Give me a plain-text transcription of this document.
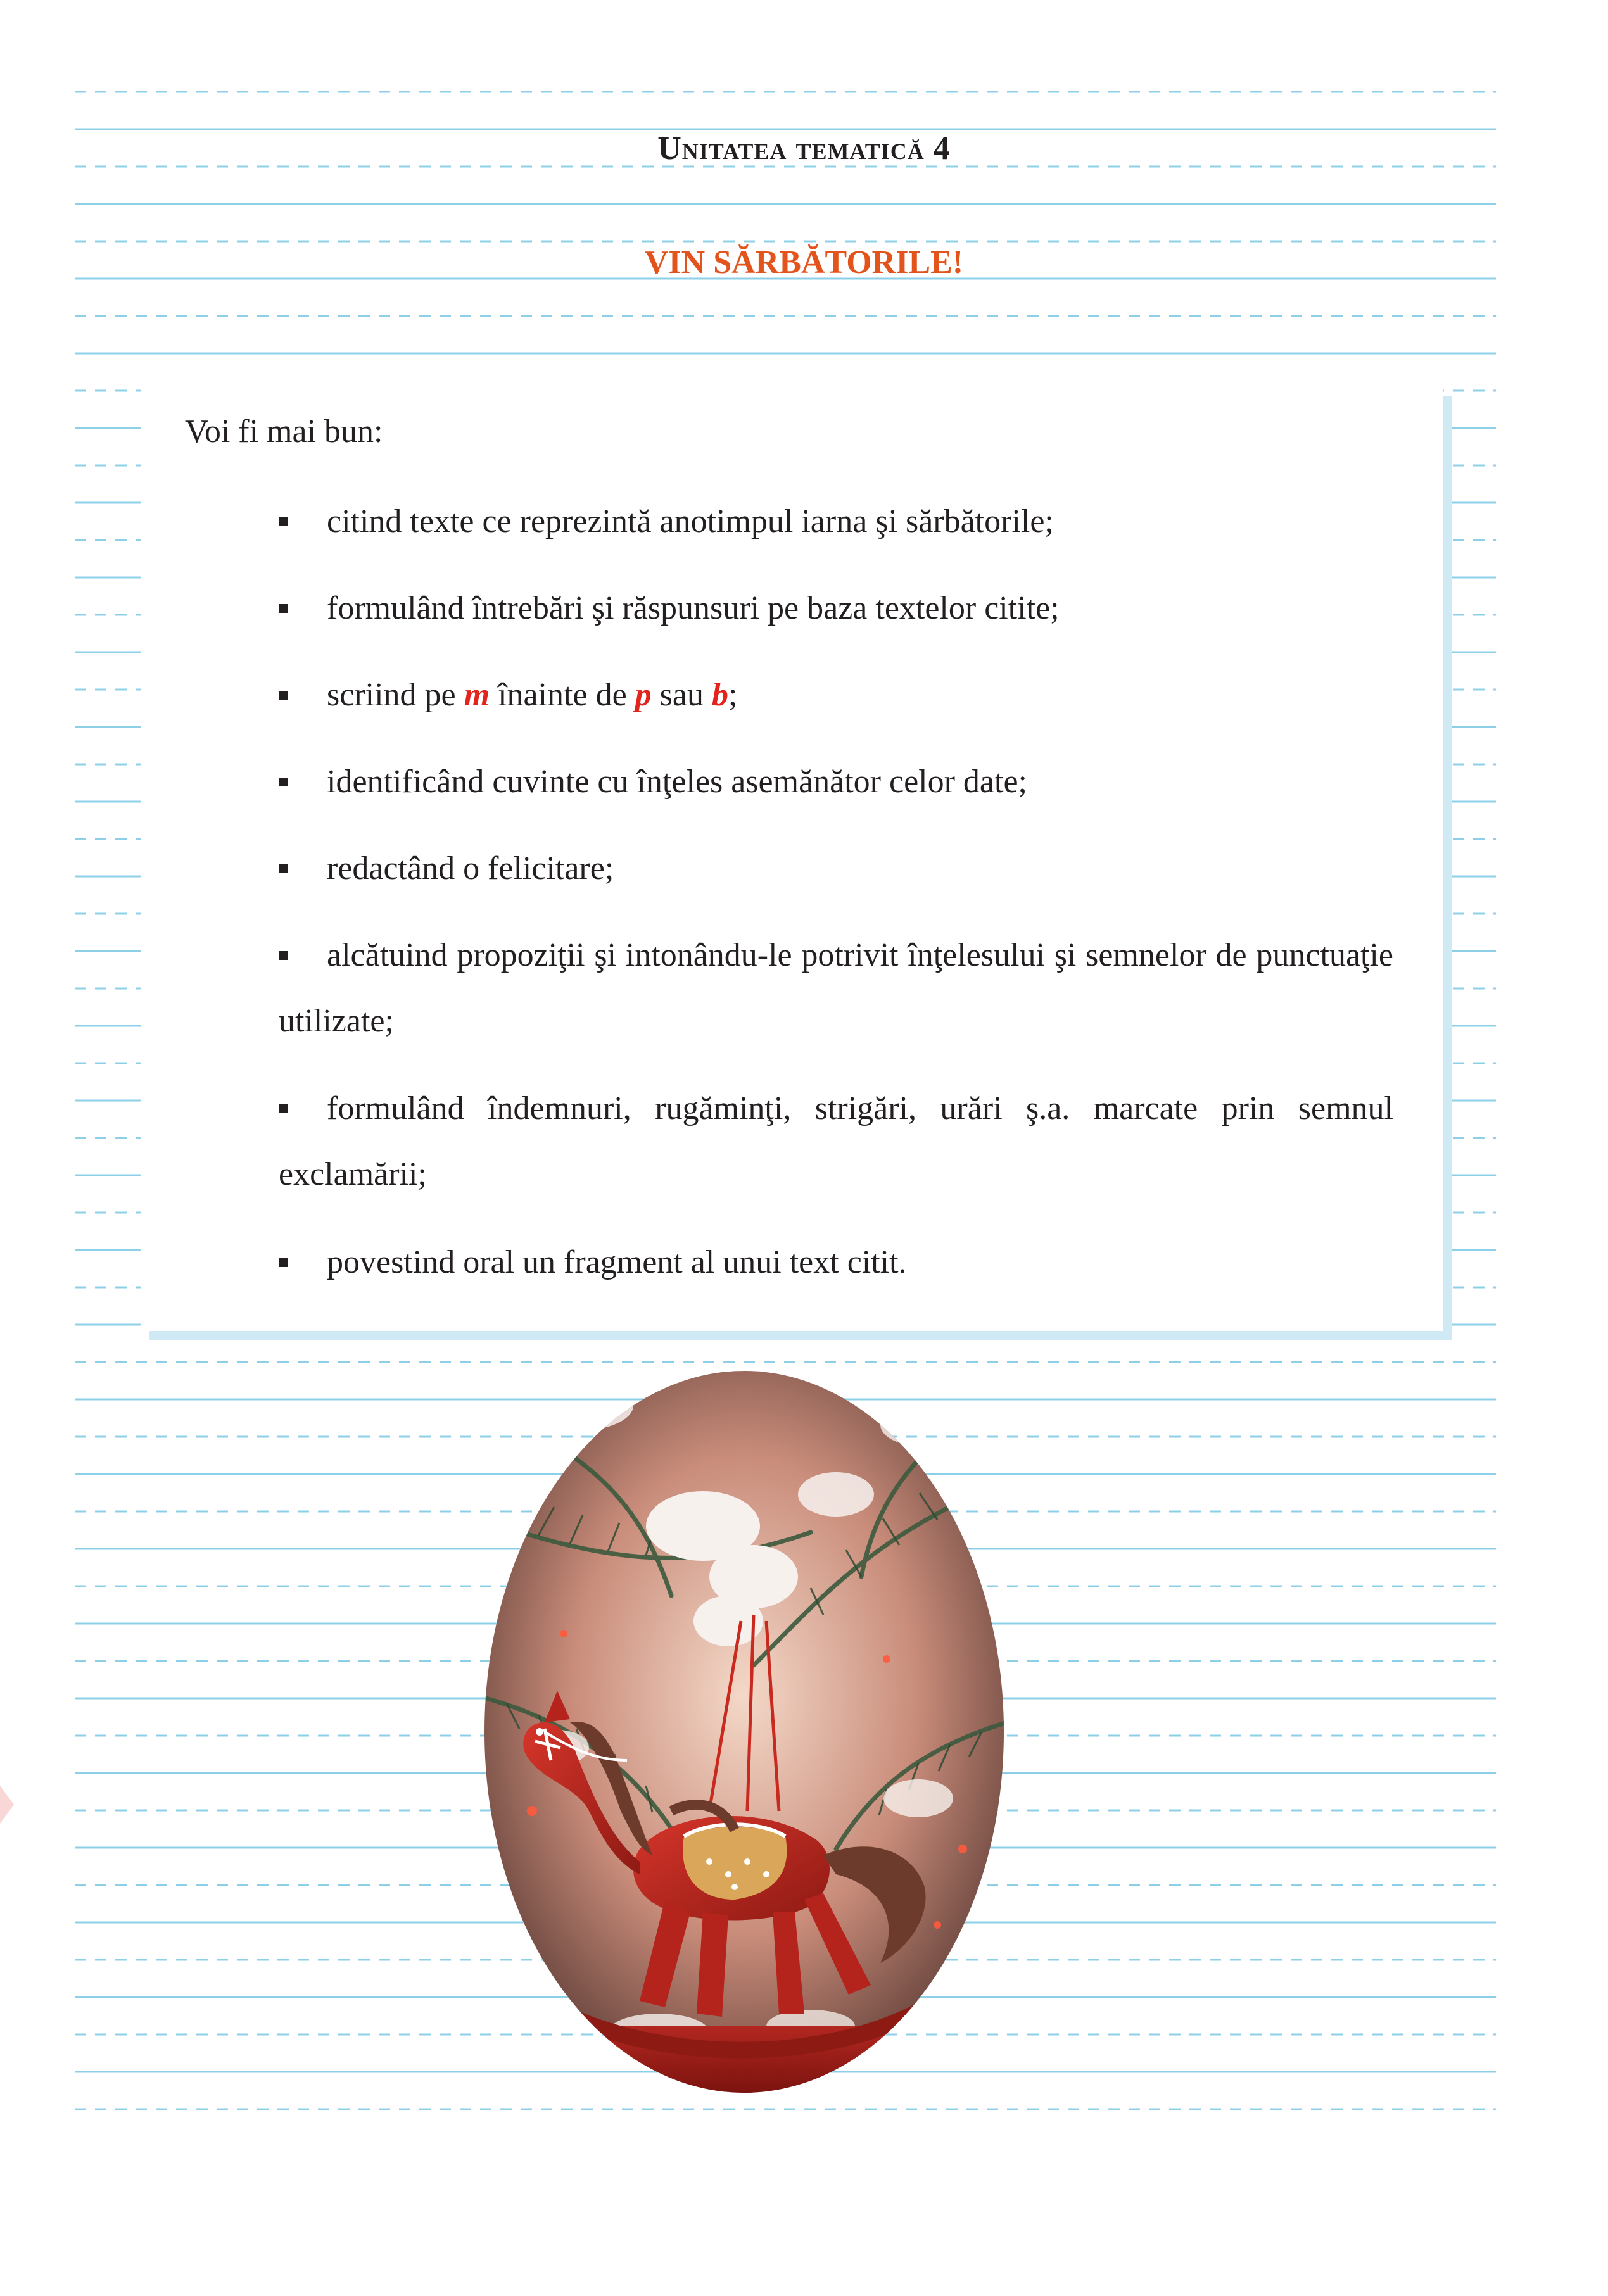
Unitatea tematică 4
VIN SĂRBĂTORILE!
Voi fi mai bun:
citind texte ce reprezintă anotimpul iarna şi sărbătorile;
formulând întrebări şi răspunsuri pe baza textelor citite;
scriind pe m înainte de p sau b;
identificând cuvinte cu înţeles asemănător celor date;
redactând o felicitare;
alcătuind propoziţii şi intonându-le potrivit înţelesului şi semnelor de punctuaţie utilizate;
formulând îndemnuri, rugăminţi, strigări, urări ş.a. marcate prin semnul exclamării;
povestind oral un fragment al unui text citit.
